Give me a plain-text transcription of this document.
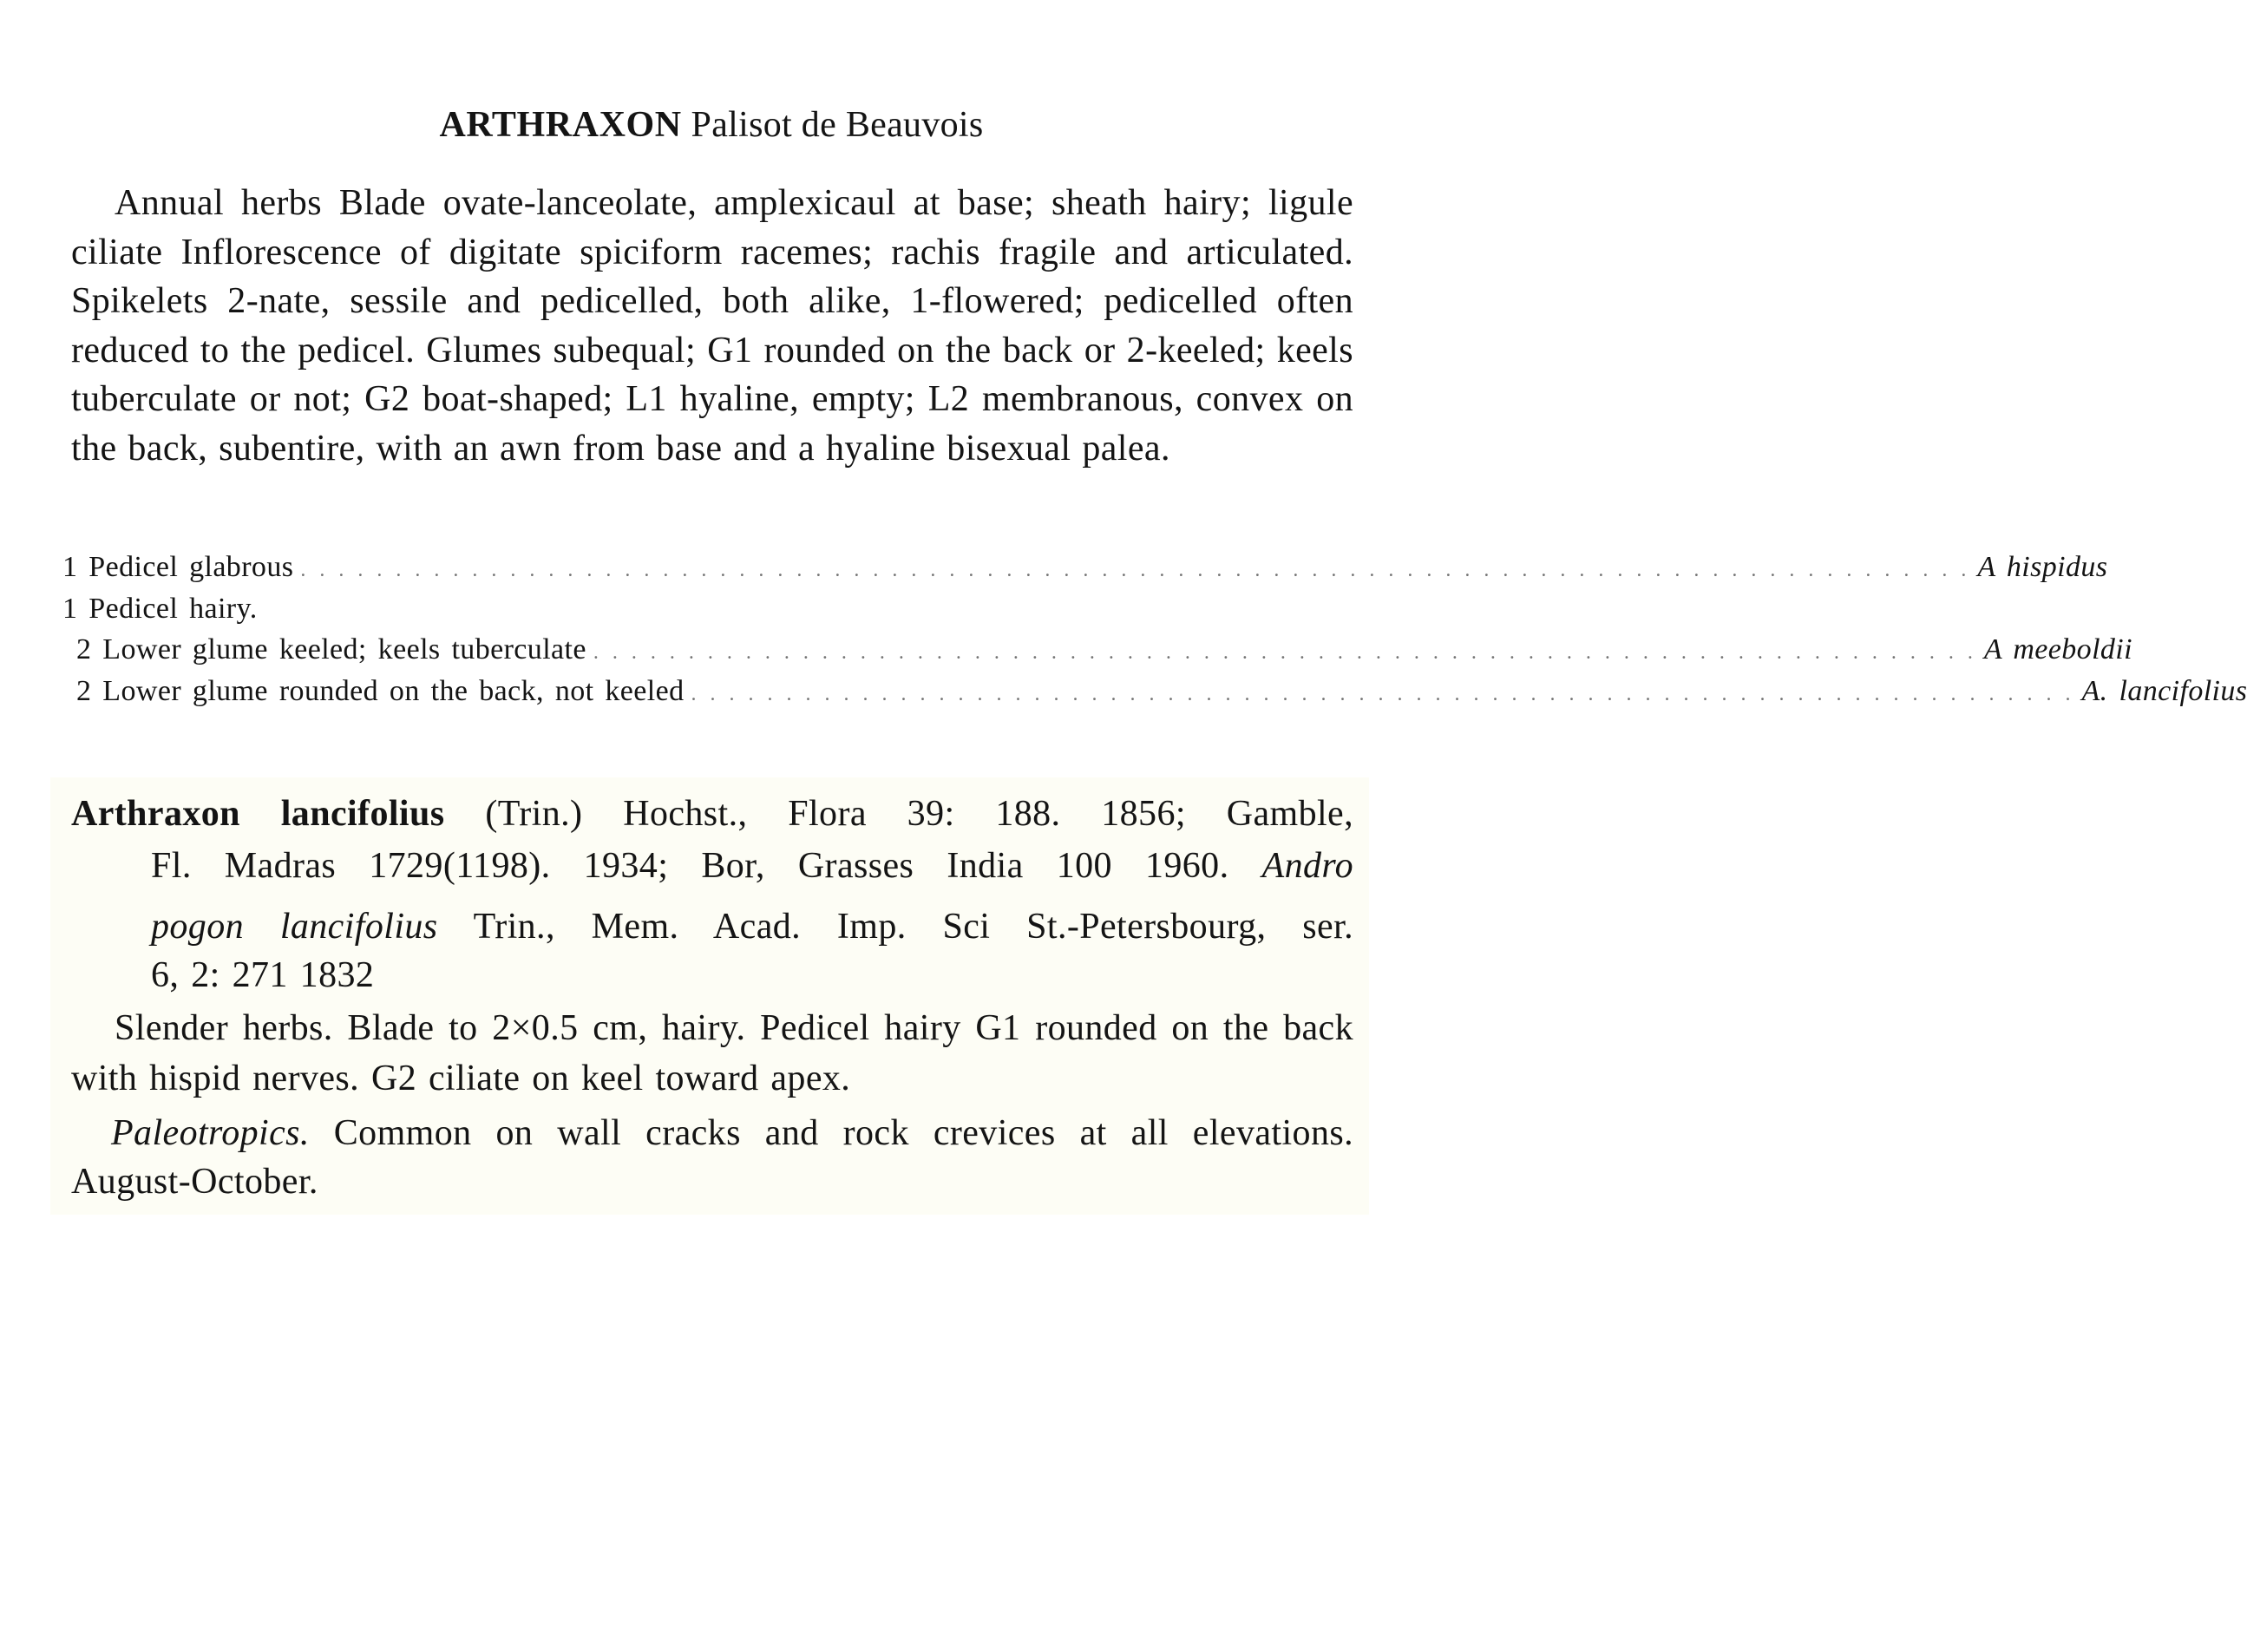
ARTHRAXON Palisot de Beauvois

Annual herbs Blade ovate-lanceolate, amplexicaul at base; sheath hairy; ligule ciliate Inflorescence of digitate spiciform racemes; rachis fragile and articulated. Spikelets 2-nate, sessile and pedicelled, both alike, 1-flowered; pedicelled often reduced to the pedicel. Glumes subequal; G1 rounded on the back or 2-keeled; keels tuberculate or not; G2 boat-shaped; L1 hyaline, empty; L2 membranous, convex on the back, subentire, with an awn from base and a hyaline bisexual palea.

1 Pedicel glabrous . . . . . . . . . . . . . . . . . . . . . . . . . . . . . . . . . . . . . . . . . . . . . . . . . . . . . . . . . . . . . . . . . . . . . . . . . . . . . . . . . . . . . . . . A hispidus
1 Pedicel hairy.
2 Lower glume keeled; keels tuberculate . . . . . . . . . . . . . . . . . . . . . . . . . . . . . . . . . . . . . . . . . . . . . . . . . . . . . . . . . . . . . . . . . . . . . . . . . A meeboldii
2 Lower glume rounded on the back, not keeled . . . . . . . . . . . . . . . . . . . . . . . . . . . . . . . . . . . . . . . . . . . . . . . . . . . . . . . . . . . . . . . . . . . . . . . . . A. lancifolius

Arthraxon lancifolius (Trin.) Hochst., Flora 39: 188. 1856; Gamble,
Fl. Madras 1729(1198). 1934; Bor, Grasses India 100 1960. Andro

pogon lancifolius Trin., Mem. Acad. Imp. Sci St.-Petersbourg, ser.
6, 2: 271 1832

Slender herbs. Blade to 2×0.5 cm, hairy. Pedicel hairy G1 rounded on the back with hispid nerves. G2 ciliate on keel toward apex.

Paleotropics. Common on wall cracks and rock crevices at all elevations. August-October.
